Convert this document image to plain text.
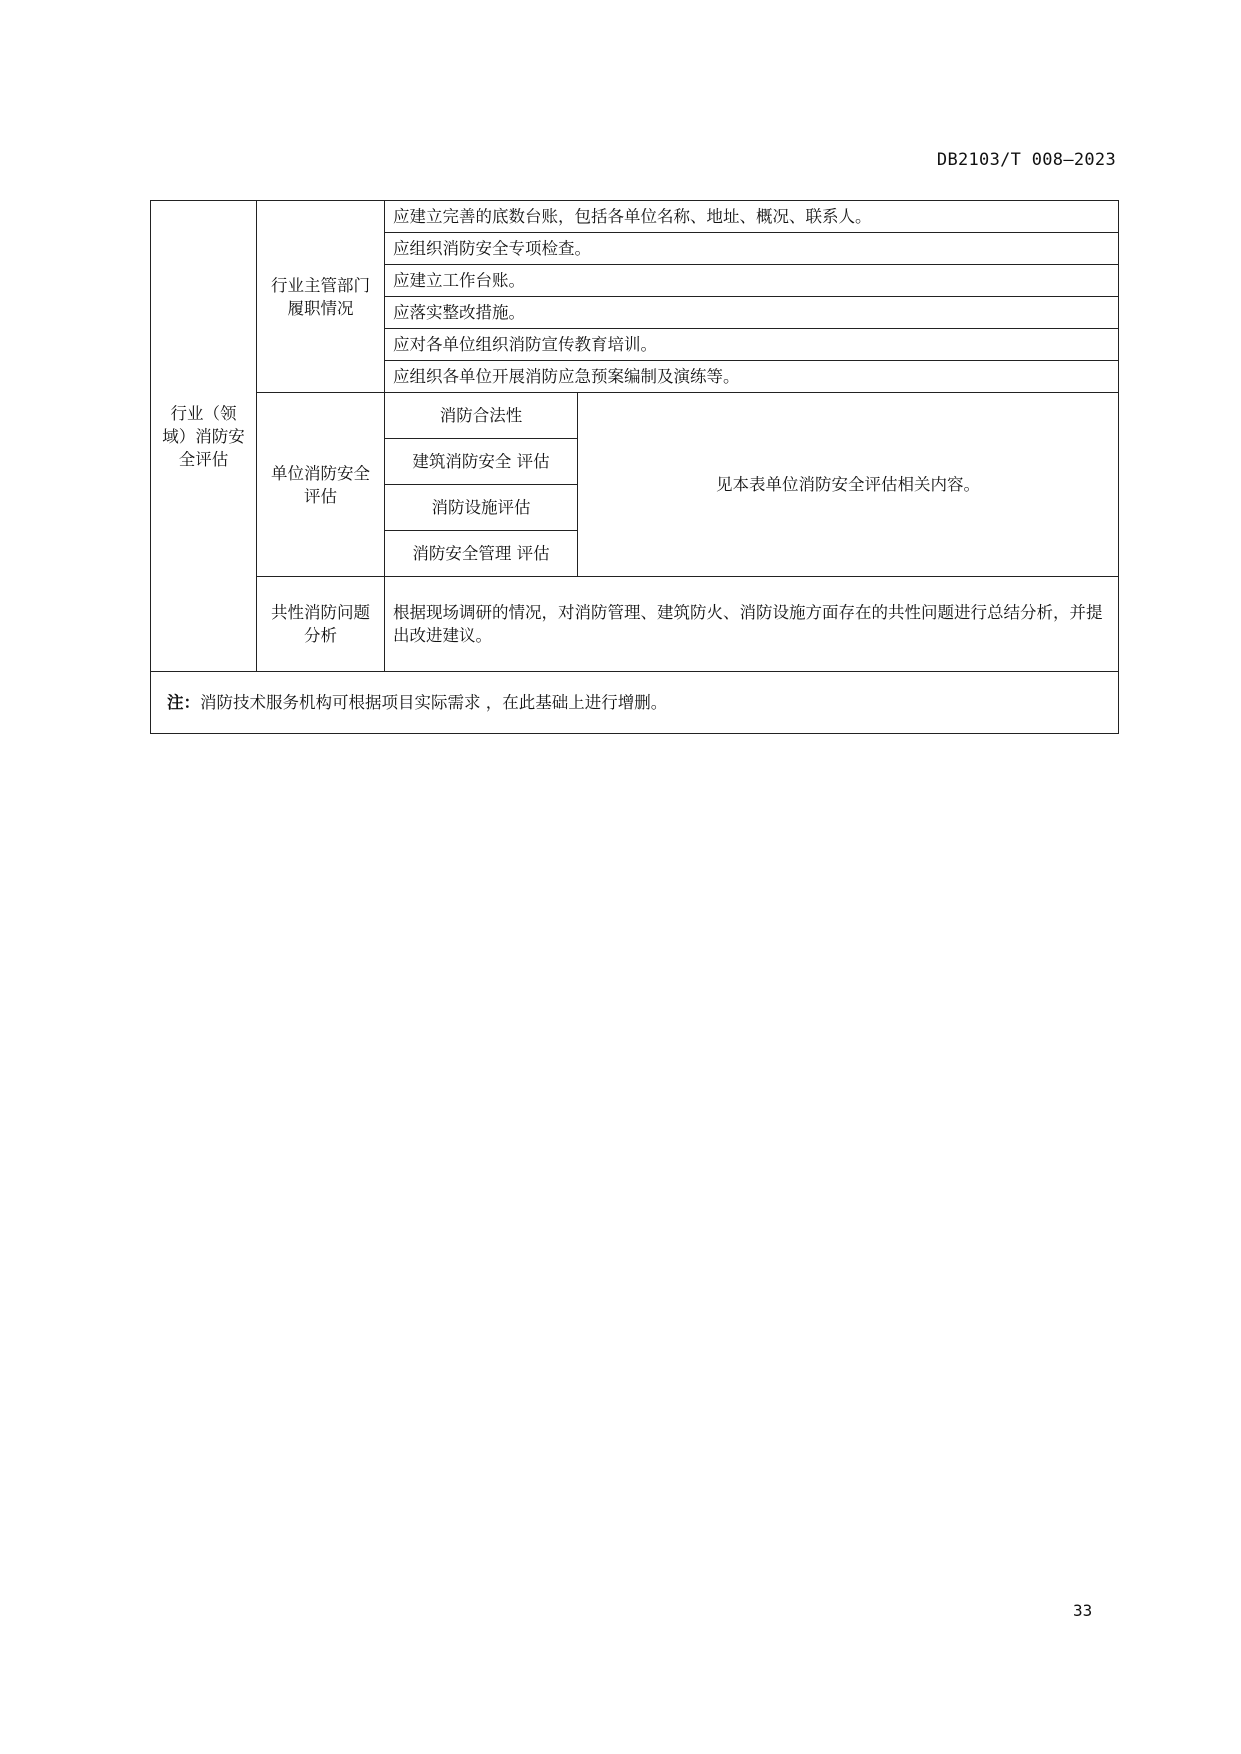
DB2103/T 008—2023
行业（领域）消防安全评估	行业主管部门履职情况	应建立完善的底数台账，包括各单位名称、地址、概况、联系人。	
		应组织消防安全专项检查。	
		应建立工作台账。	
		应落实整改措施。	
		应对各单位组织消防宣传教育培训。	
		应组织各单位开展消防应急预案编制及演练等。	
	单位消防安全评估	消防合法性	见本表单位消防安全评估相关内容。
		建筑消防安全 评估	
		消防设施评估	
		消防安全管理 评估	
	共性消防问题分析	根据现场调研的情况，对消防管理、建筑防火、消防设施方面存在的共性问题进行总结分析，并提出改进建议。	
注：消防技术服务机构可根据项目实际需求 ，在此基础上进行增删。			
33
